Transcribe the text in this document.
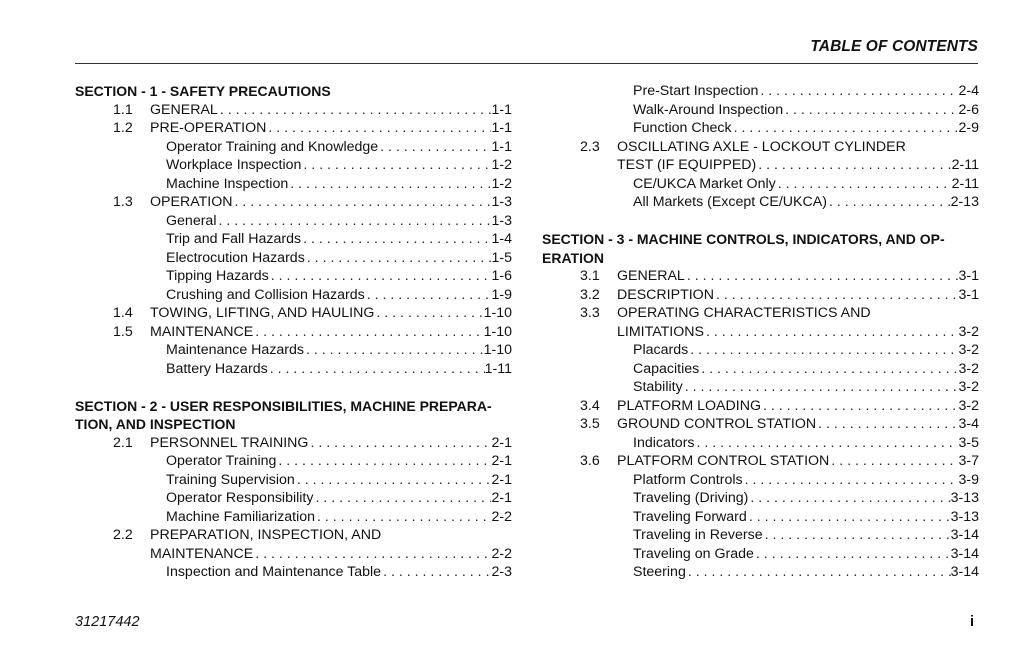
TABLE OF CONTENTS
SECTION - 1 - SAFETY PRECAUTIONS
1.1 GENERAL . . .	1-1
1.2 PRE-OPERATION . . .	1-1
Operator Training and Knowledge . . .	1-1
Workplace Inspection . . .	1-2
Machine Inspection . . .	1-2
1.3 OPERATION . . .	1-3
General . . .	1-3
Trip and Fall Hazards . . .	1-4
Electrocution Hazards . . .	1-5
Tipping Hazards . . .	1-6
Crushing and Collision Hazards . . .	1-9
1.4 TOWING, LIFTING, AND HAULING . . .	1-10
1.5 MAINTENANCE . . .	1-10
Maintenance Hazards . . .	1-10
Battery Hazards . . .	1-11
SECTION - 2 - USER RESPONSIBILITIES, MACHINE PREPARA-
TION, AND INSPECTION
2.1 PERSONNEL TRAINING . . .	2-1
Operator Training . . .	2-1
Training Supervision . . .	2-1
Operator Responsibility . . .	2-1
Machine Familiarization . . .	2-2
2.2 PREPARATION, INSPECTION, AND
MAINTENANCE . . .	2-2
Inspection and Maintenance Table . . .	2-3
Pre-Start Inspection . . .	2-4
Walk-Around Inspection . . .	2-6
Function Check . . .	2-9
2.3 OSCILLATING AXLE - LOCKOUT CYLINDER
TEST (IF EQUIPPED) . . .	2-11
CE/UKCA Market Only . . .	2-11
All Markets (Except CE/UKCA) . . .	2-13
SECTION - 3 - MACHINE CONTROLS, INDICATORS, AND OP-
ERATION
3.1 GENERAL . . .	3-1
3.2 DESCRIPTION . . .	3-1
3.3 OPERATING CHARACTERISTICS AND
LIMITATIONS . . .	3-2
Placards . . .	3-2
Capacities . . .	3-2
Stability . . .	3-2
3.4 PLATFORM LOADING . . .	3-2
3.5 GROUND CONTROL STATION . . .	3-4
Indicators . . .	3-5
3.6 PLATFORM CONTROL STATION . . .	3-7
Platform Controls . . .	3-9
Traveling (Driving) . . .	3-13
Traveling Forward . . .	3-13
Traveling in Reverse . . .	3-14
Traveling on Grade . . .	3-14
Steering . . .	3-14
31217442	i
